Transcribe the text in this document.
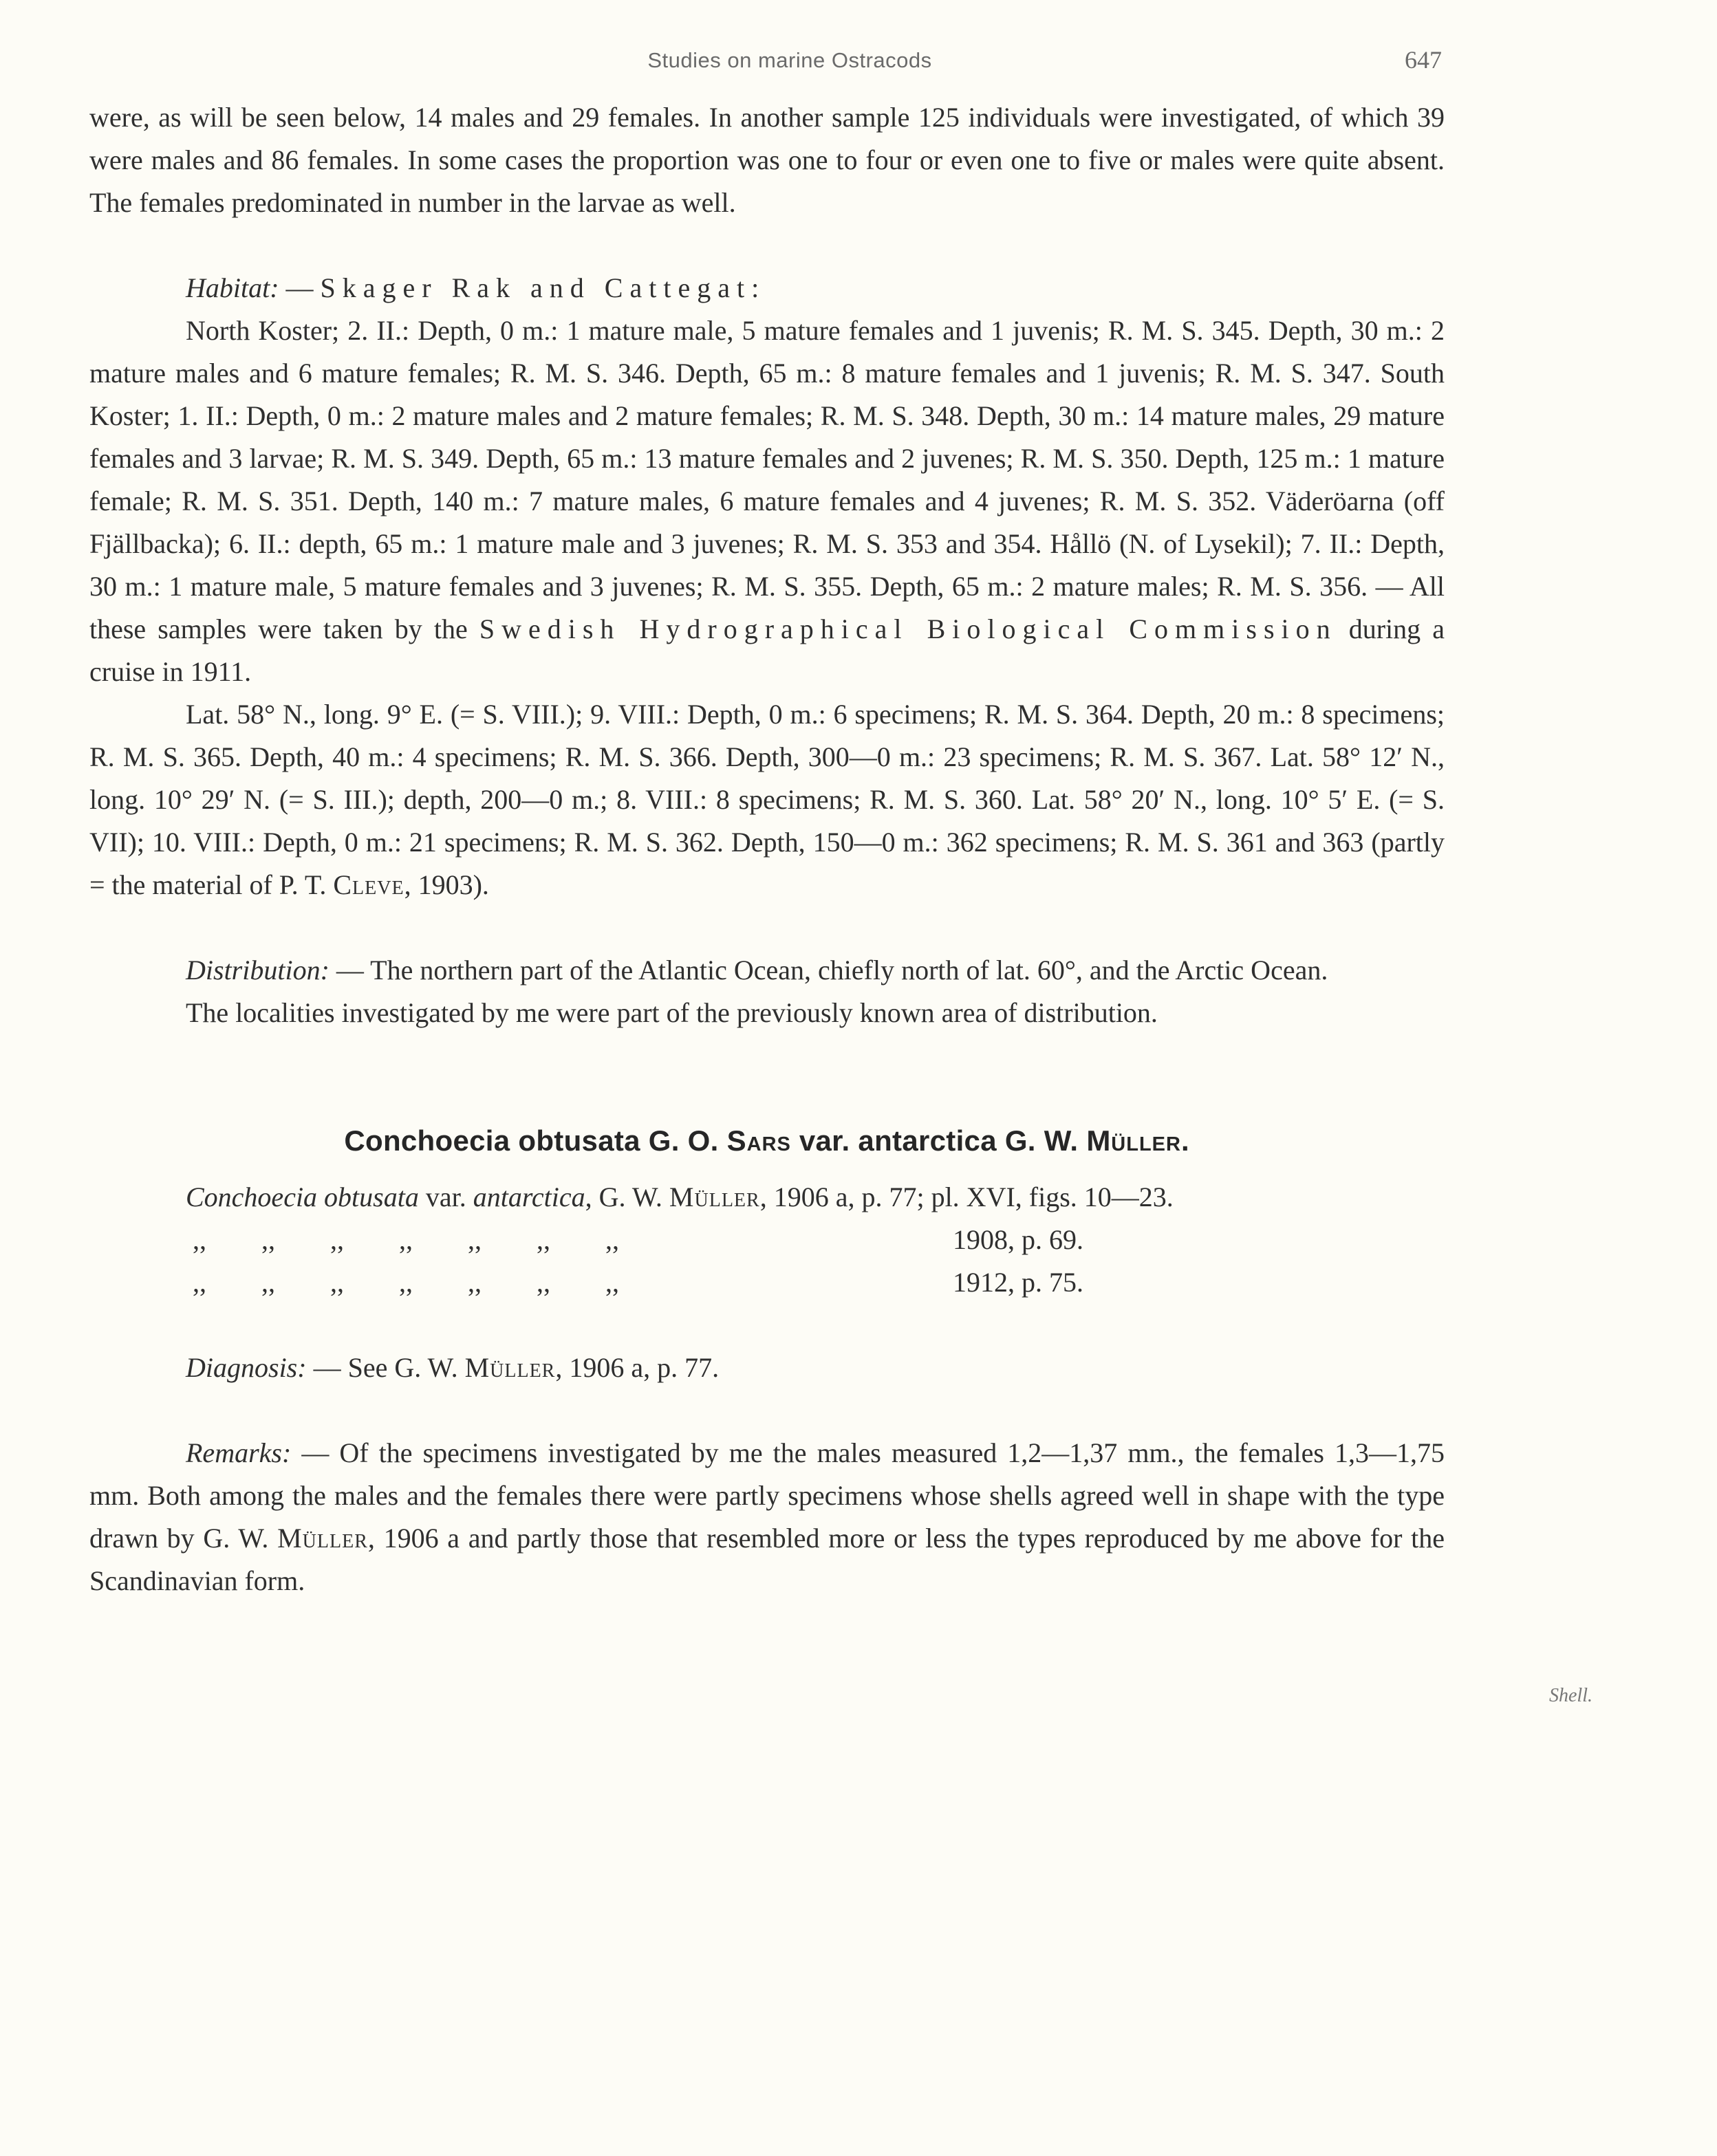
Studies on marine Ostracods	647

were, as will be seen below, 14 males and 29 females. In another sample 125 individuals were investigated, of which 39 were males and 86 females. In some cases the proportion was one to four or even one to five or males were quite absent. The females predominated in number in the larvae as well.

Habitat: — Skager Rak and Cattegat:

North Koster; 2. II.: Depth, 0 m.: 1 mature male, 5 mature females and 1 juvenis; R. M. S. 345. Depth, 30 m.: 2 mature males and 6 mature females; R. M. S. 346. Depth, 65 m.: 8 mature females and 1 juvenis; R. M. S. 347. South Koster; 1. II.: Depth, 0 m.: 2 mature males and 2 mature females; R. M. S. 348. Depth, 30 m.: 14 mature males, 29 mature females and 3 larvae; R. M. S. 349. Depth, 65 m.: 13 mature females and 2 juvenes; R. M. S. 350. Depth, 125 m.: 1 mature female; R. M. S. 351. Depth, 140 m.: 7 mature males, 6 mature females and 4 juvenes; R. M. S. 352. Väderöarna (off Fjällbacka); 6. II.: depth, 65 m.: 1 mature male and 3 juvenes; R. M. S. 353 and 354. Hållö (N. of Lysekil); 7. II.: Depth, 30 m.: 1 mature male, 5 mature females and 3 juvenes; R. M. S. 355. Depth, 65 m.: 2 mature males; R. M. S. 356. — All these samples were taken by the Swedish Hydrographical Biological Commission during a cruise in 1911.

Lat. 58° N., long. 9° E. (= S. VIII.); 9. VIII.: Depth, 0 m.: 6 specimens; R. M. S. 364. Depth, 20 m.: 8 specimens; R. M. S. 365. Depth, 40 m.: 4 specimens; R. M. S. 366. Depth, 300—0 m.: 23 specimens; R. M. S. 367. Lat. 58° 12′ N., long. 10° 29′ N. (= S. III.); depth, 200—0 m.; 8. VIII.: 8 specimens; R. M. S. 360. Lat. 58° 20′ N., long. 10° 5′ E. (= S. VII); 10. VIII.: Depth, 0 m.: 21 specimens; R. M. S. 362. Depth, 150—0 m.: 362 specimens; R. M. S. 361 and 363 (partly = the material of P. T. Cleve, 1903).

Distribution: — The northern part of the Atlantic Ocean, chiefly north of lat. 60°, and the Arctic Ocean.

The localities investigated by me were part of the previously known area of distribution.

Conchoecia obtusata G. O. Sars var. antarctica G. W. Müller.

Conchoecia obtusata var. antarctica, G. W. Müller, 1906 a, p. 77; pl. XVI, figs. 10—23.

,, ,, ,, ,, ,, ,, ,,	1908, p. 69.
,, ,, ,, ,, ,, ,, ,,	1912, p. 75.

Diagnosis: — See G. W. Müller, 1906 a, p. 77.

Remarks: — Of the specimens investigated by me the males measured 1,2—1,37 mm., the females 1,3—1,75 mm. Both among the males and the females there were partly specimens whose shells agreed well in shape with the type drawn by G. W. Müller, 1906 a and partly those that resembled more or less the types reproduced by me above for the Scandinavian form.

Shell.
